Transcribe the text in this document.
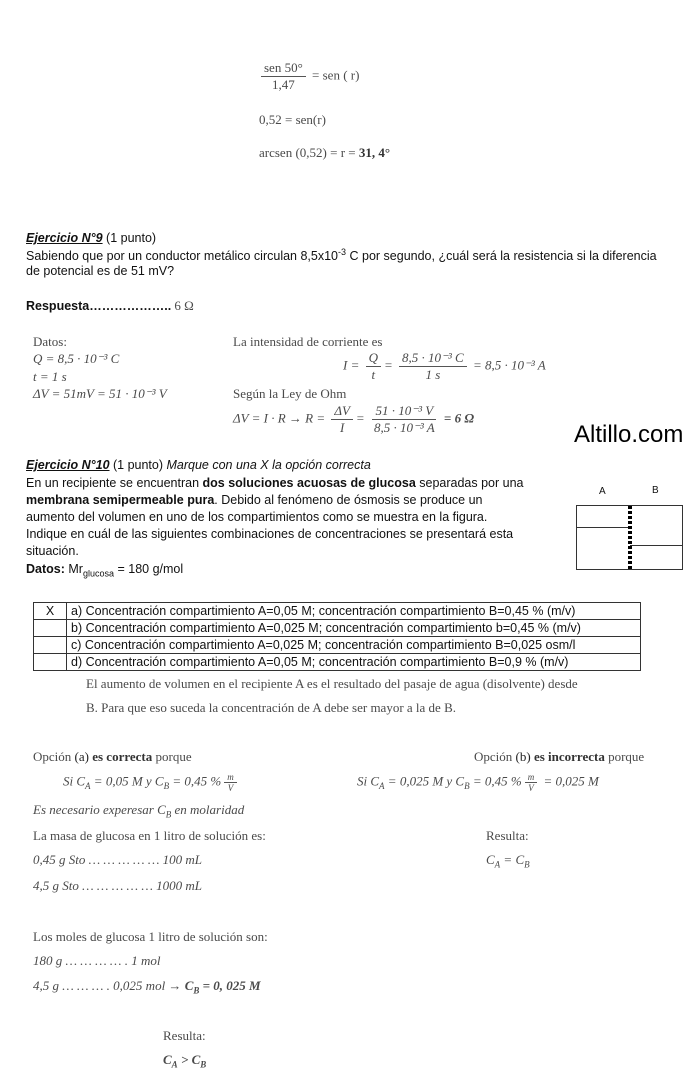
$\frac{\text{sen 50°}}{1,47}$ = sen ( r)
0,52 = sen(r)
arcsen (0,52) = r = 31, 4°
Ejercicio N°9 (1 punto)
Sabiendo que por un conductor metálico circulan $8,5x10^{-3}$ C por segundo, ¿cuál será la resistencia si la diferencia
de potencial es de 51 mV?
Respuesta……………….. 6 Ω
Datos:
Q = 8,5 · 10⁻³ C
t = 1 s
ΔV = 51mV = 51 · 10⁻³ V
La intensidad de corriente es
$I = \frac{Q}{t} = \frac{\text{8,5 · 10⁻³ C}}{1 s} = 8,5 \cdot 10^{-3}$ A
Según la Ley de Ohm
$\Delta V = I \cdot R \to R = \frac{\Delta V}{I} = \frac{\text{51 · 10⁻³ V}}{\text{8,5 · 10⁻³ A}} = 6$ Ω
Altillo.com
Ejercicio N°10 (1 punto) Marque con una X la opción correcta
En un recipiente se encuentran dos soluciones acuosas de glucosa separadas por una
membrana semipermeable pura. Debido al fenómeno de ósmosis se produce un
aumento del volumen en uno de los compartimientos como se muestra en la figura.
Indique en cuál de las siguientes combinaciones de concentraciones se presentará esta
situación.
Datos: $Mr_{glucosa} = 180$ g/mol
A	B
X	a) Concentración compartimiento A=0,05 M; concentración compartimiento B=0,45 % (m/v)
	b) Concentración compartimiento A=0,025 M; concentración compartimiento b=0,45 % (m/v)
	c) Concentración compartimiento A=0,025 M; concentración compartimiento B=0,025 osm/l
	d) Concentración compartimiento A=0,05 M; concentración compartimiento B=0,9 % (m/v)
El aumento de volumen en el recipiente A es el resultado del pasaje de agua (disolvente) desde
B. Para que eso suceda la concentración de A debe ser mayor a la de B.
Opción (a) es correcta porque	Opción (b) es incorrecta porque
Si $C_A = 0,05$ M y $C_B = 0,45$ % $\frac{m}{V}$	Si $C_A = 0,025$ M y $C_B = 0,45$ % $\frac{m}{V} = 0,025$ M
Es necesario experesar $C_B$ en molaridad
La masa de glucosa en 1 litro de solución es:
0,45 g Sto … … … … … 100 mL
4,5 g Sto … … … … … 1000 mL
Resulta:
$C_A = C_B$
Los moles de glucosa 1 litro de solución son:
180 g … … … … . 1 mol
4,5 g … … … . 0,025 mol → $C_B = 0$, 025 M
Resulta:
$C_A > C_B$
